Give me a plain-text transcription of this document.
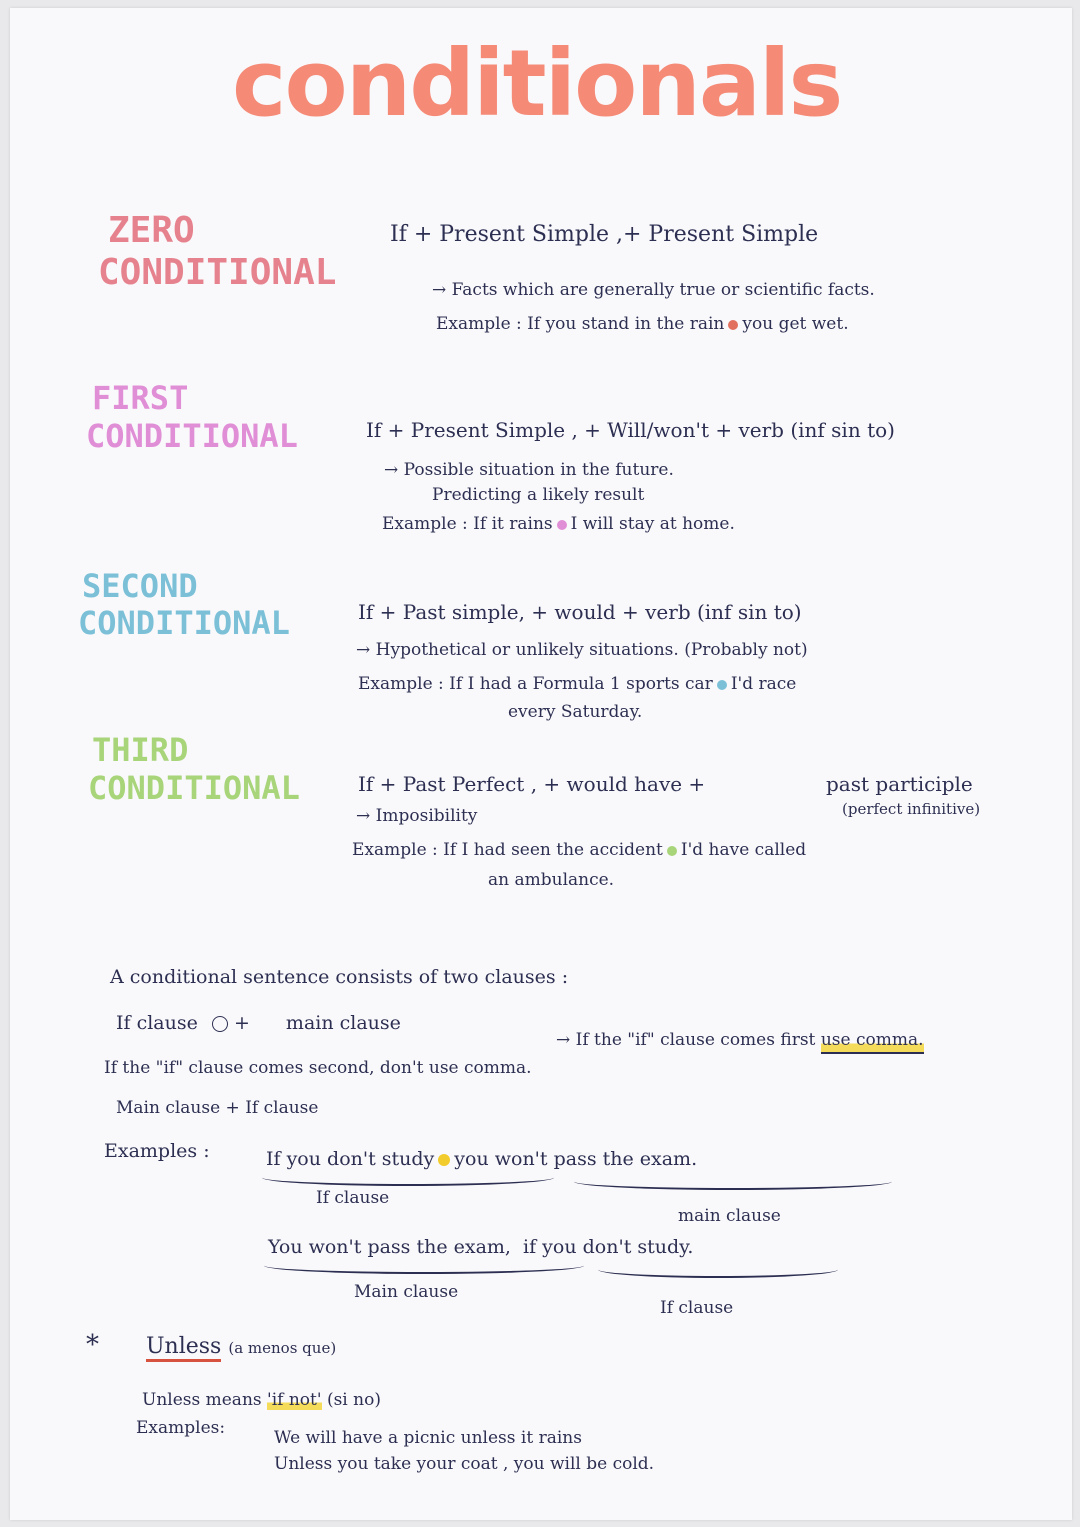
conditionals
ZERO
CONDITIONAL
If + Present Simple ,+ Present Simple
→ Facts which are generally true or scientific facts.
Example : If you stand in the rain you get wet.
FIRST
CONDITIONAL	If + Present Simple , + Will/won't + verb (inf sin to)
→ Possible situation in the future.
Predicting a likely result
Example : If it rains I will stay at home.
SECOND
CONDITIONAL	If + Past simple, + would + verb (inf sin to)
→ Hypothetical or unlikely situations. (Probably not)
Example : If I had a Formula 1 sports car I'd race
every Saturday.
THIRD
CONDITIONAL	If + Past Perfect , + would have +	past participle
(perfect infinitive)
→ Imposibility
Example : If I had seen the accident I'd have called
an ambulance.
A conditional sentence consists of two clauses :
If clause + main clause
→ If the "if" clause comes first use comma.
If the "if" clause comes second, don't use comma.
Main clause + If clause
Examples :	If you don't study you won't pass the exam.
If clause
main clause
You won't pass the exam, if you don't study.
Main clause
If clause
* Unless (a menos que)
Unless means 'if not' (si no)
Examples:	We will have a picnic unless it rains
Unless you take your coat , you will be cold.
